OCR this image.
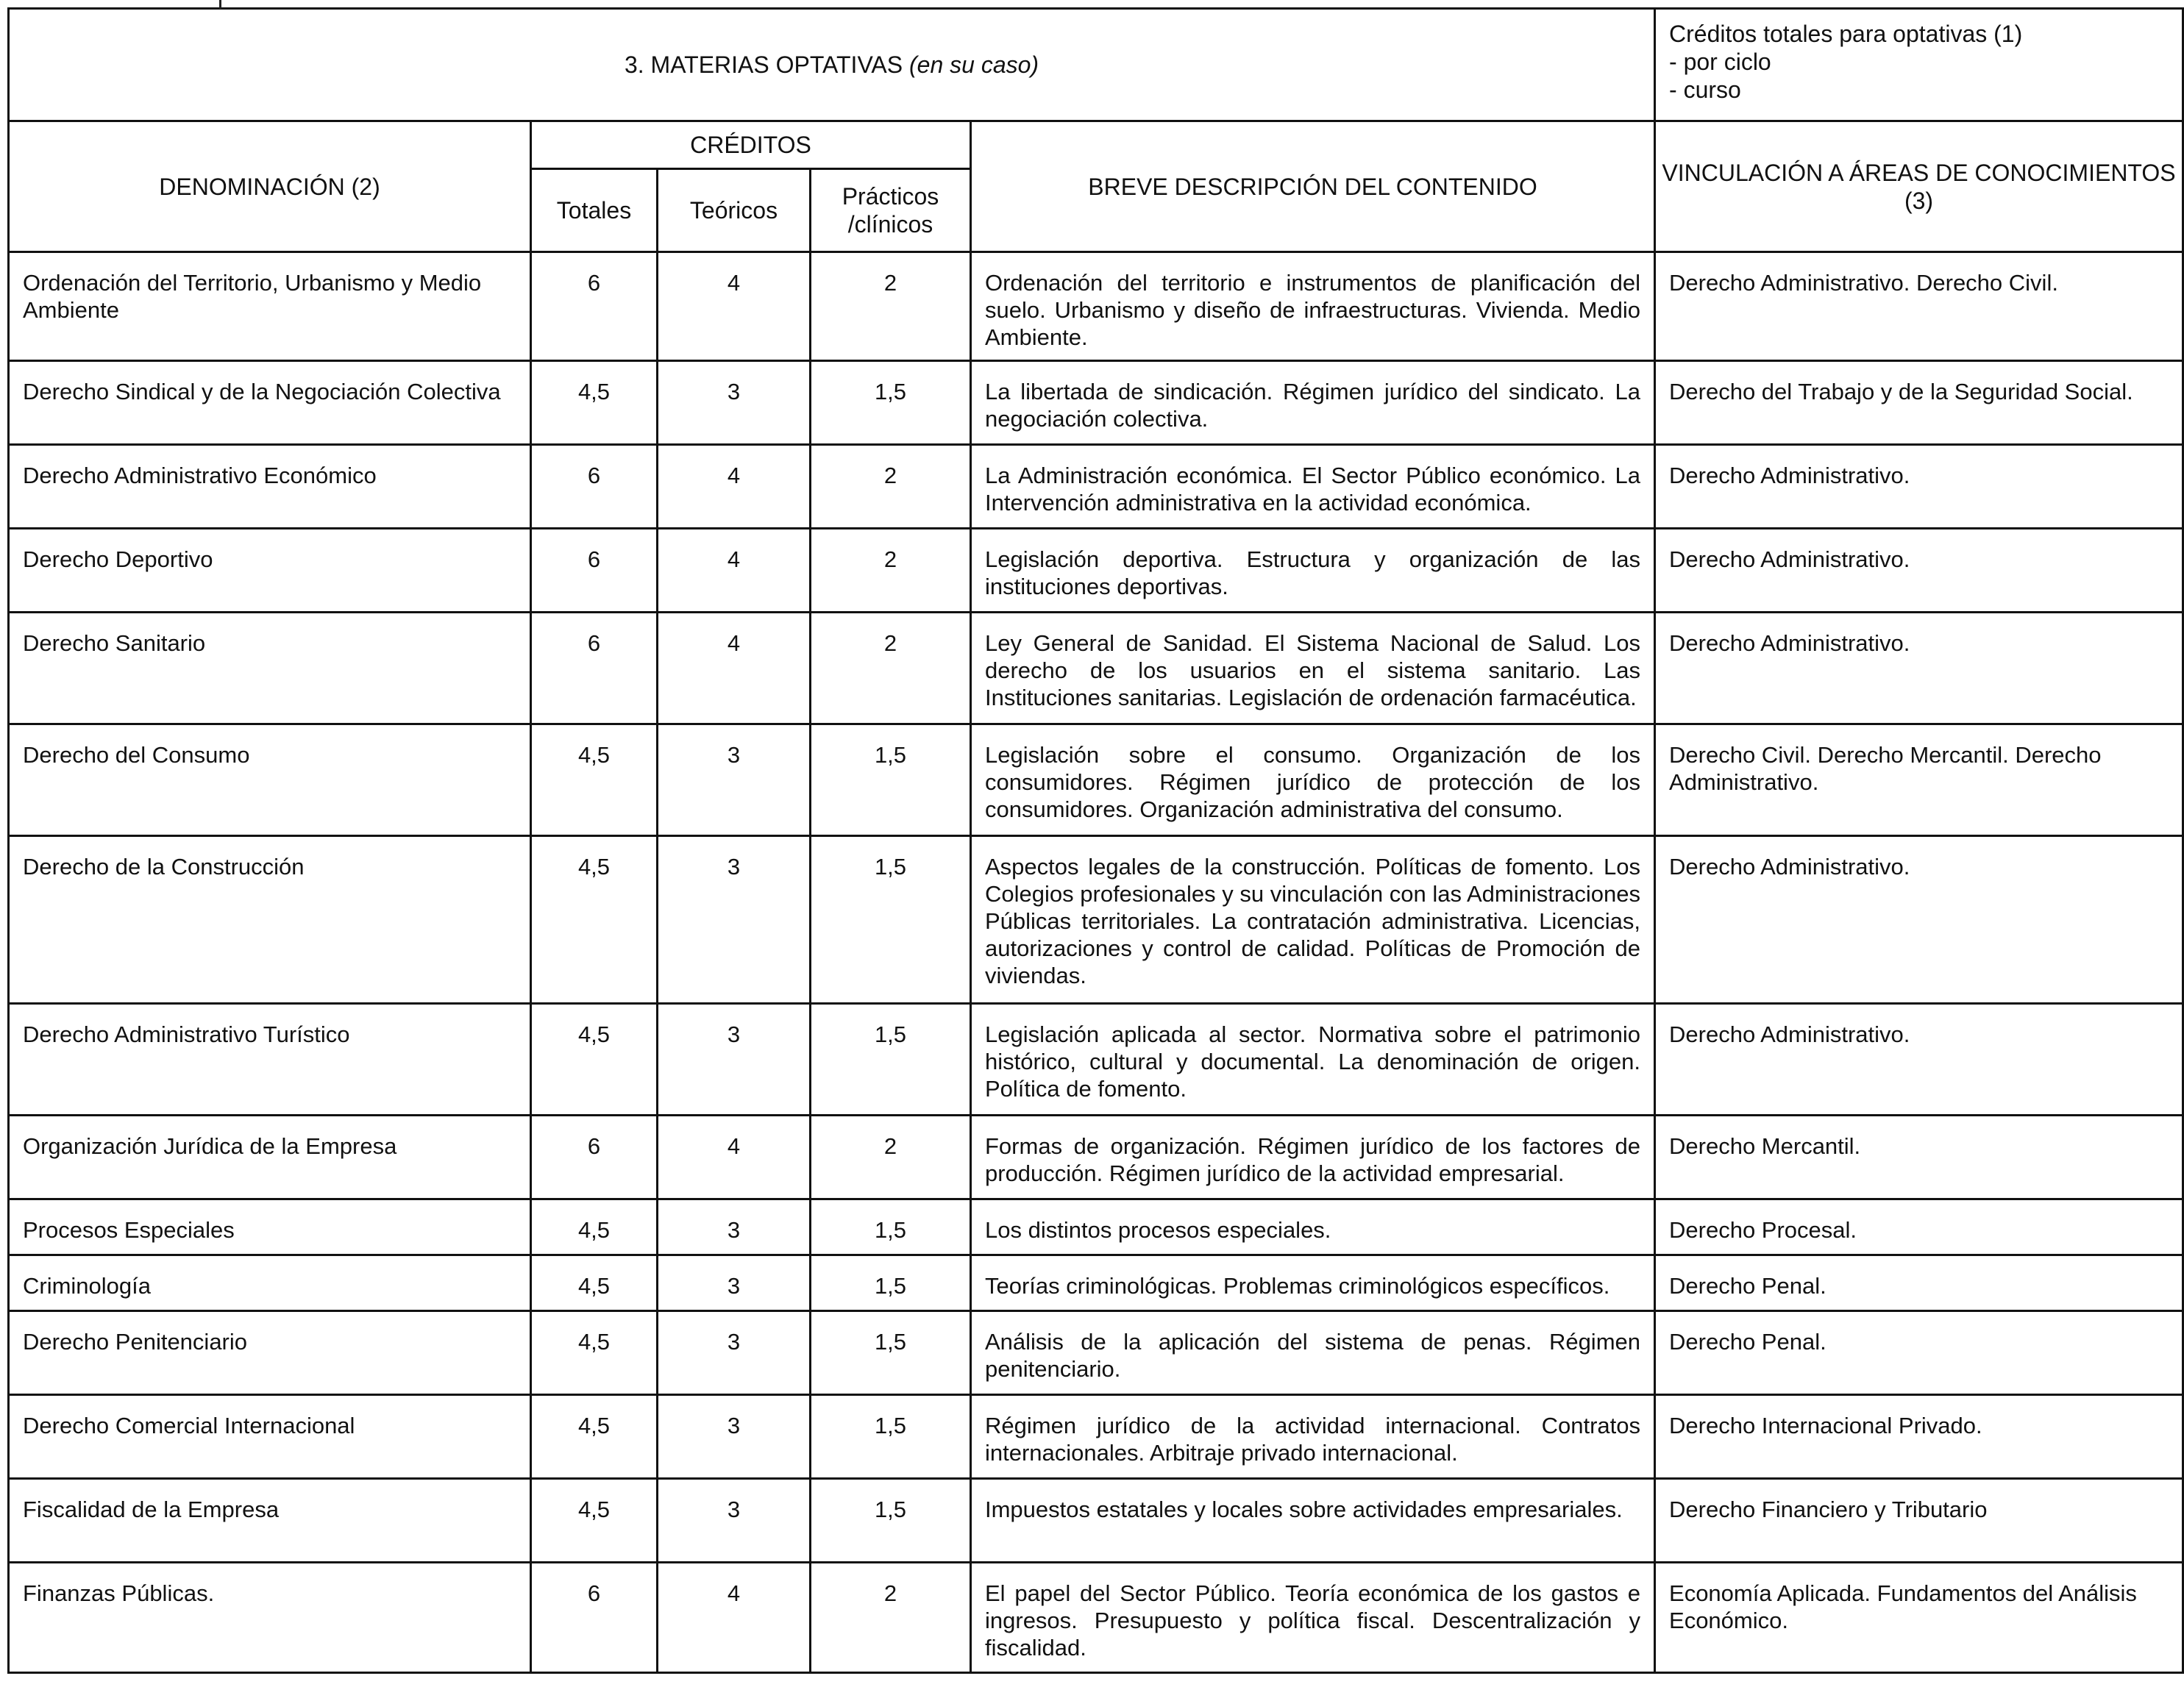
3. MATERIAS OPTATIVAS (en su caso)					Créditos totales para optativas (1)
- por ciclo
- curso

DENOMINACIÓN (2)	CRÉDITOS			BREVE DESCRIPCIÓN DEL CONTENIDO	VINCULACIÓN A ÁREAS DE CONOCIMIENTOS (3)
	Totales	Teóricos	Prácticos /clínicos		
Ordenación del Territorio, Urbanismo y Medio Ambiente	6	4	2	Ordenación del territorio e instrumentos de planificación del suelo. Urbanismo y diseño de infraestructuras. Vivienda. Medio Ambiente.	Derecho Administrativo. Derecho Civil.
Derecho Sindical y de la Negociación Colectiva	4,5	3	1,5	La libertada de sindicación. Régimen jurídico del sindicato. La negociación colectiva.	Derecho del Trabajo y de la Seguridad Social.
Derecho Administrativo Económico	6	4	2	La Administración económica. El Sector Público económico. La Intervención administrativa en la actividad económica.	Derecho Administrativo.
Derecho Deportivo	6	4	2	Legislación deportiva. Estructura y organización de las instituciones deportivas.	Derecho Administrativo.
Derecho Sanitario	6	4	2	Ley General de Sanidad. El Sistema Nacional de Salud. Los derecho de los usuarios en el sistema sanitario. Las Instituciones sanitarias. Legislación de ordenación farmacéutica.	Derecho Administrativo.
Derecho del Consumo	4,5	3	1,5	Legislación sobre el consumo. Organización de los consumidores. Régimen jurídico de protección de los consumidores. Organización administrativa del consumo.	Derecho Civil. Derecho Mercantil. Derecho Administrativo.
Derecho de la Construcción	4,5	3	1,5	Aspectos legales de la construcción. Políticas de fomento. Los Colegios profesionales y su vinculación con las Administraciones Públicas territoriales. La contratación administrativa. Licencias, autorizaciones y control de calidad. Políticas de Promoción de viviendas.	Derecho Administrativo.
Derecho Administrativo Turístico	4,5	3	1,5	Legislación aplicada al sector. Normativa sobre el patrimonio histórico, cultural y documental. La denominación de origen. Política de fomento.	Derecho Administrativo.
Organización Jurídica de la Empresa	6	4	2	Formas de organización. Régimen jurídico de los factores de producción. Régimen jurídico de la actividad empresarial.	Derecho Mercantil.
Procesos Especiales	4,5	3	1,5	Los distintos procesos especiales.	Derecho Procesal.
Criminología	4,5	3	1,5	Teorías criminológicas. Problemas criminológicos específicos.	Derecho Penal.
Derecho Penitenciario	4,5	3	1,5	Análisis de la aplicación del sistema de penas. Régimen penitenciario.	Derecho Penal.
Derecho Comercial Internacional	4,5	3	1,5	Régimen jurídico de la actividad internacional. Contratos internacionales. Arbitraje privado internacional.	Derecho Internacional Privado.
Fiscalidad de la Empresa	4,5	3	1,5	Impuestos estatales y locales sobre actividades empresariales.	Derecho Financiero y Tributario
Finanzas Públicas.	6	4	2	El papel del Sector Público. Teoría económica de los gastos e ingresos. Presupuesto y política fiscal. Descentralización y fiscalidad.	Economía Aplicada. Fundamentos del Análisis Económico.
